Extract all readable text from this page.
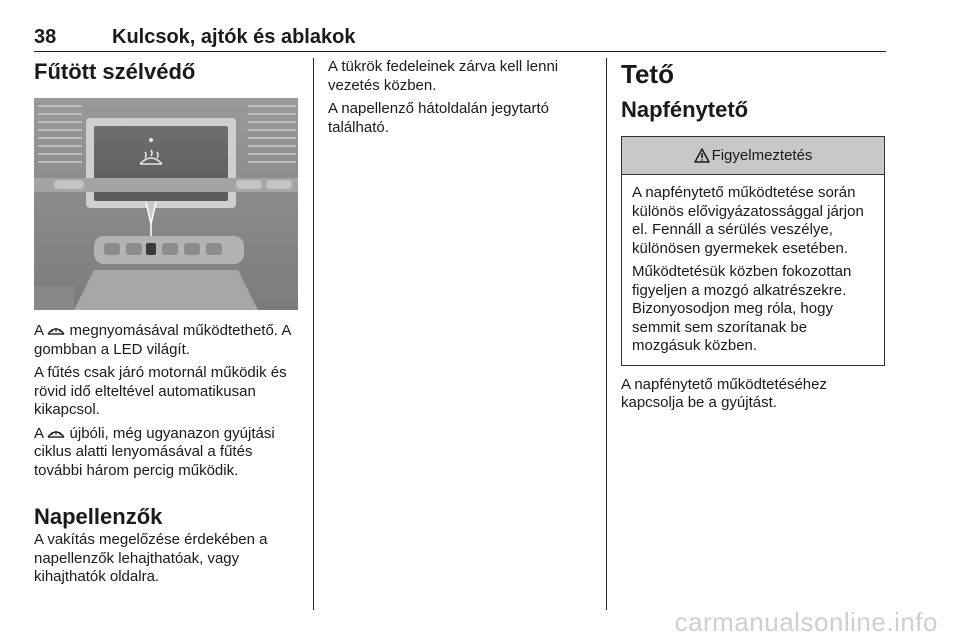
38	Kulcsok, ajtók és ablakok
Fűtött szélvédő

A megnyomásával működtethető. A gombban a LED világít.

A fűtés csak járó motornál működik és rövid idő elteltével automatikusan kikapcsol.

A újbóli, még ugyanazon gyújtási ciklus alatti lenyomásával a fűtés további három percig működik.

Napellenzők

A vakítás megelőzése érdekében a napellenzők lehajthatóak, vagy kihajthatók oldalra.

A tükrök fedeleinek zárva kell lenni vezetés közben.

A napellenző hátoldalán jegytartó található.

Tető
Napfénytető
Figyelmeztetés

A napfénytető működtetése során különös elővigyázatossággal járjon el. Fennáll a sérülés veszélye, különösen gyermekek esetében.

Működtetésük közben fokozottan figyeljen a mozgó alkatrészekre. Bizonyosodjon meg róla, hogy semmit sem szorítanak be mozgásuk közben.

A napfénytető működtetéséhez kapcsolja be a gyújtást.

carmanualsonline.info
